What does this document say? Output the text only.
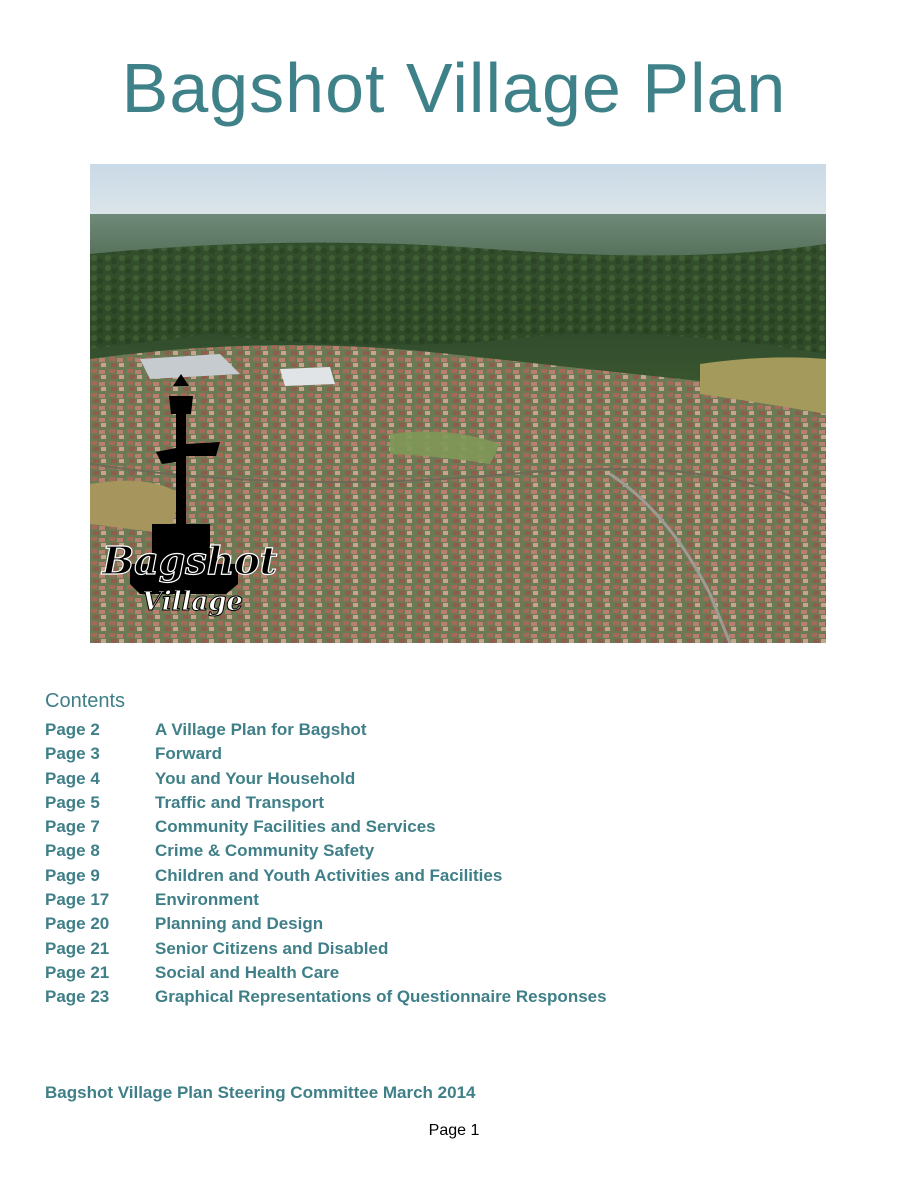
Bagshot Village Plan
Bagshot
Village
Contents
Page 2	A Village Plan for Bagshot
Page 3	Forward
Page 4	You and Your Household
Page 5	Traffic and Transport
Page 7	Community Facilities and Services
Page 8	Crime & Community Safety
Page 9	Children and Youth Activities and Facilities
Page 17	Environment
Page 20	Planning and Design
Page 21	Senior Citizens and Disabled
Page 21	Social and Health Care
Page 23	Graphical Representations of Questionnaire Responses
Bagshot Village Plan Steering Committee March 2014
Page 1
